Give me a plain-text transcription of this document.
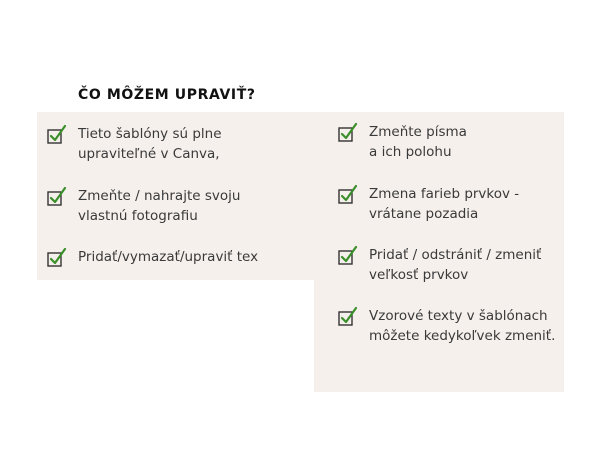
ČO MÔŽEM UPRAVIŤ?
Tieto šablóny sú plne
upraviteľné v Canva,
Zmeňte / nahrajte svoju
vlastnú fotografiu
Pridať/vymazať/upraviť tex
Zmeňte písma
a ich polohu
Zmena farieb prvkov -
vrátane pozadia
Pridať / odstrániť / zmeniť
veľkosť prvkov
Vzorové texty v šablónach
môžete kedykoľvek zmeniť.
